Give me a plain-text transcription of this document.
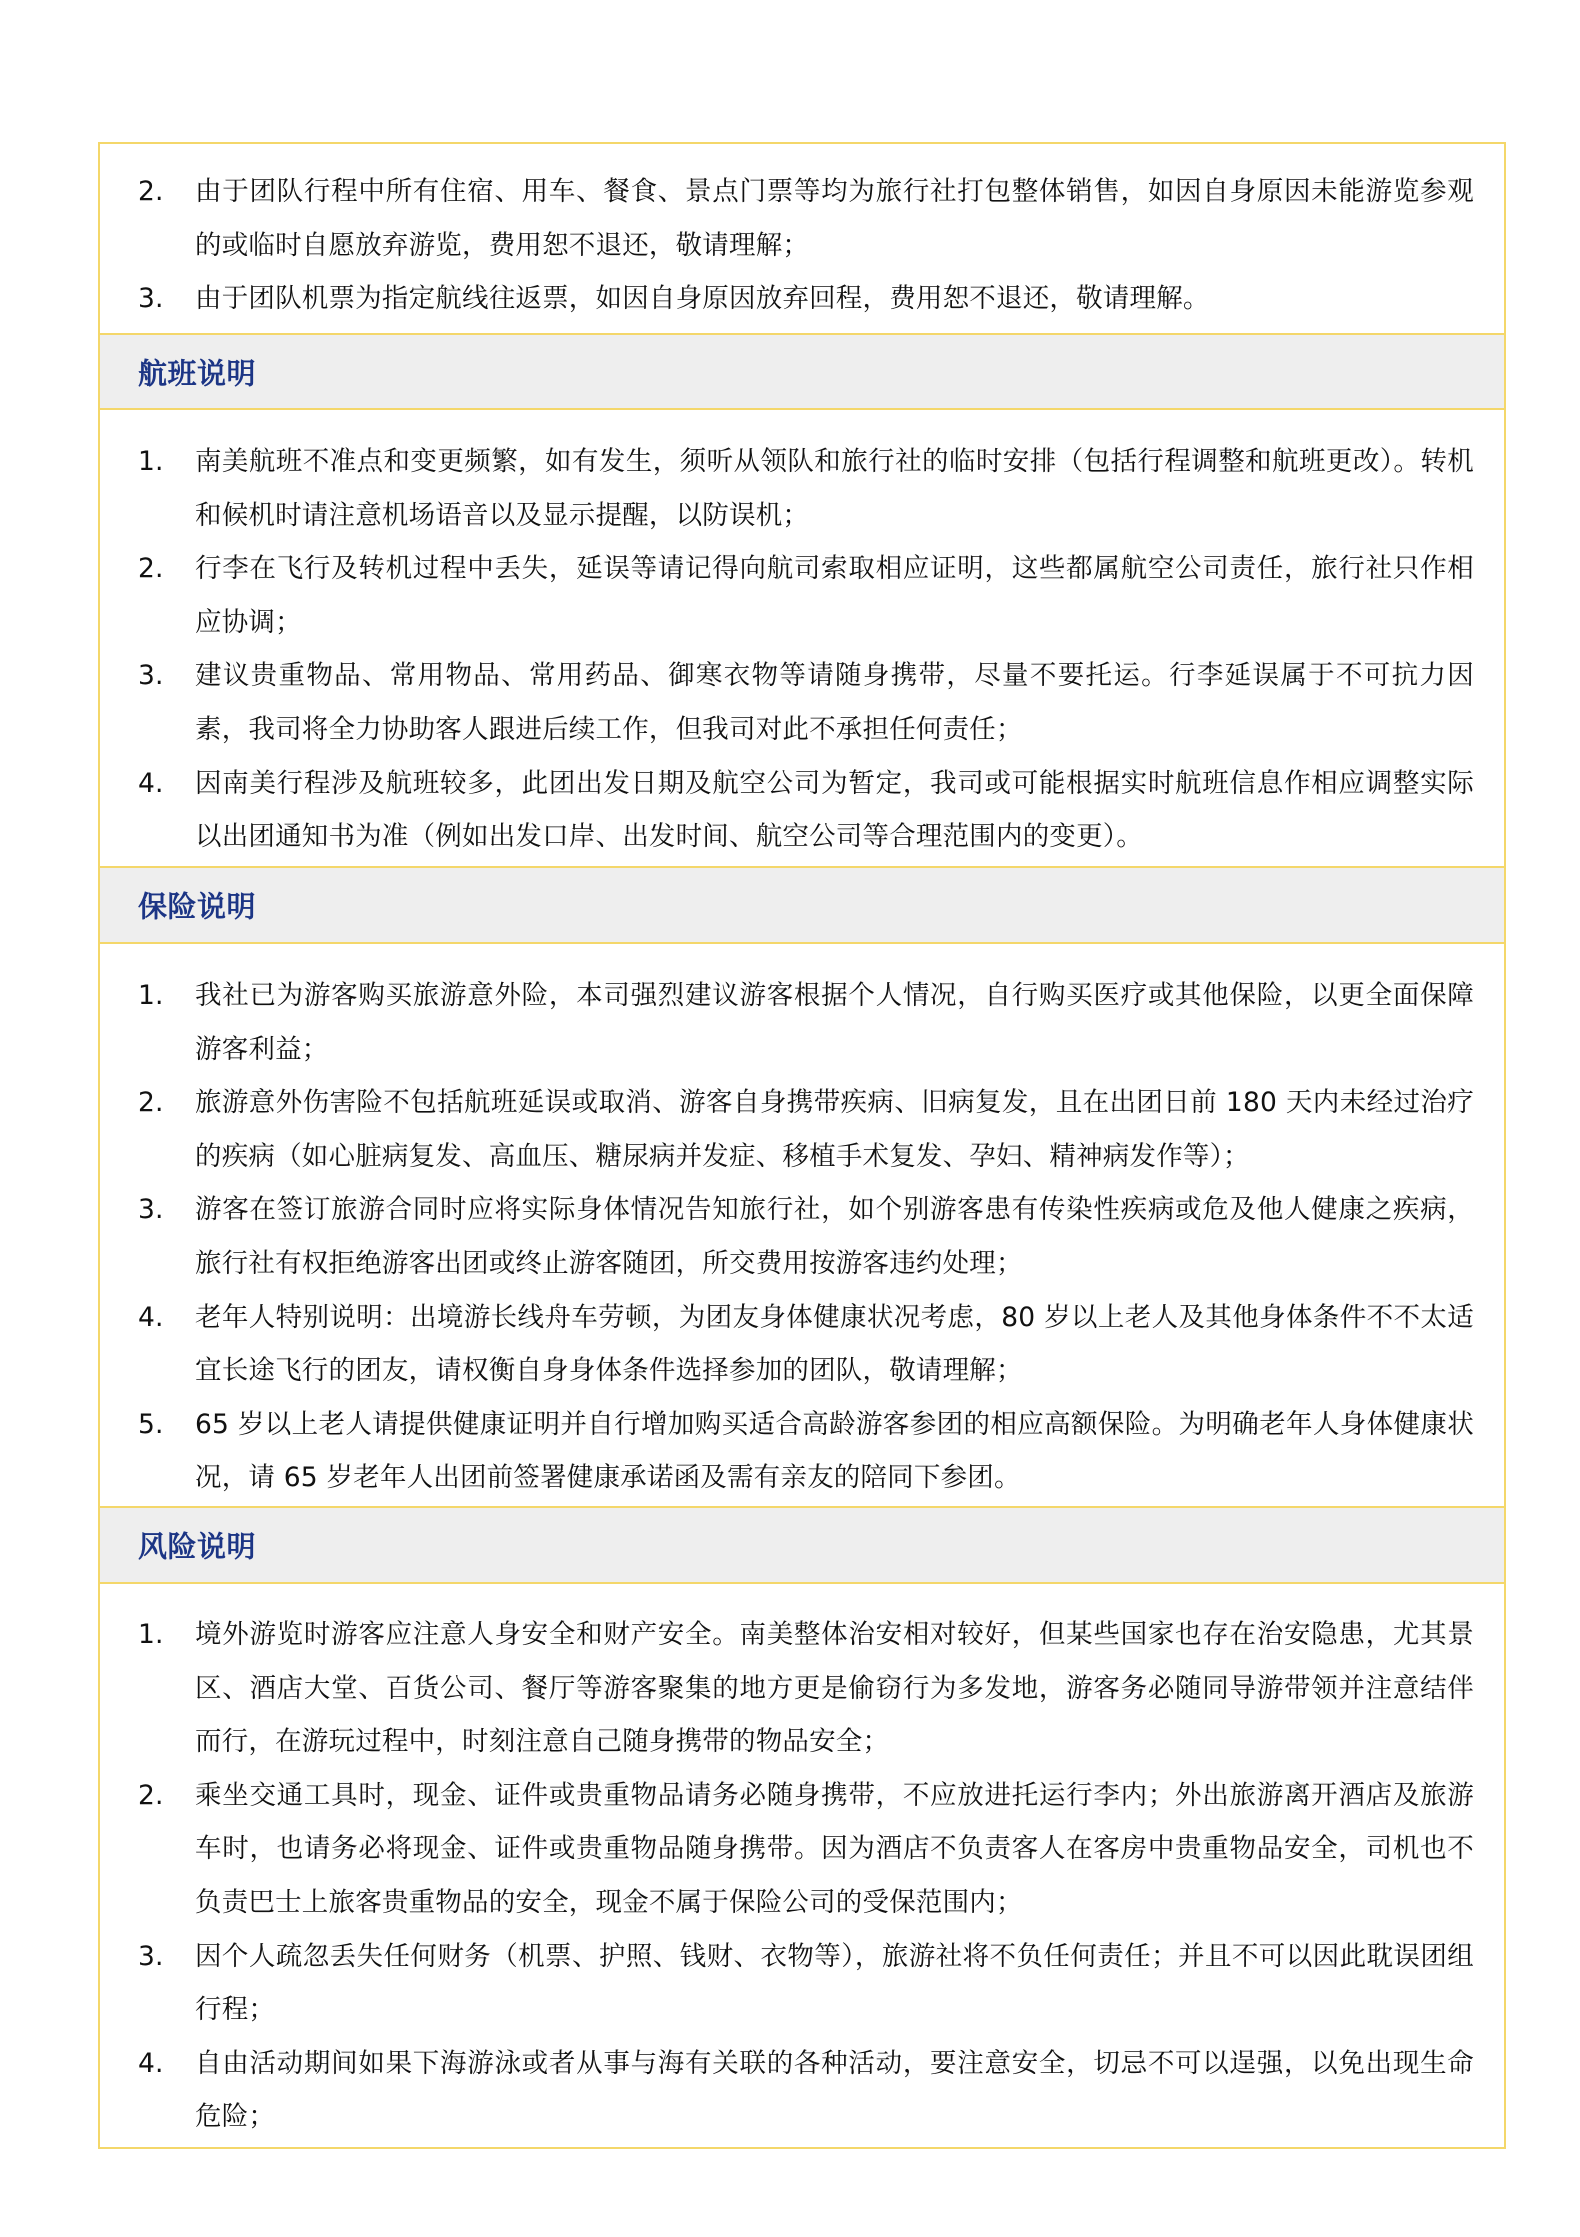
2.	由于团队行程中所有住宿、用车、餐食、景点门票等均为旅行社打包整体销售，如因自身原因未能游览参观的或临时自愿放弃游览，费用恕不退还，敬请理解；
3.	由于团队机票为指定航线往返票，如因自身原因放弃回程，费用恕不退还，敬请理解。
航班说明
1.	南美航班不准点和变更频繁，如有发生，须听从领队和旅行社的临时安排（包括行程调整和航班更改）。转机和候机时请注意机场语音以及显示提醒，以防误机；
2.	行李在飞行及转机过程中丢失，延误等请记得向航司索取相应证明，这些都属航空公司责任，旅行社只作相应协调；
3.	建议贵重物品、常用物品、常用药品、御寒衣物等请随身携带，尽量不要托运。行李延误属于不可抗力因素，我司将全力协助客人跟进后续工作，但我司对此不承担任何责任；
4.	因南美行程涉及航班较多，此团出发日期及航空公司为暂定，我司或可能根据实时航班信息作相应调整实际以出团通知书为准（例如出发口岸、出发时间、航空公司等合理范围内的变更）。
保险说明
1.	我社已为游客购买旅游意外险，本司强烈建议游客根据个人情况，自行购买医疗或其他保险，以更全面保障游客利益；
2.	旅游意外伤害险不包括航班延误或取消、游客自身携带疾病、旧病复发，且在出团日前 180 天内未经过治疗的疾病（如心脏病复发、高血压、糖尿病并发症、移植手术复发、孕妇、精神病发作等）；
3.	游客在签订旅游合同时应将实际身体情况告知旅行社，如个别游客患有传染性疾病或危及他人健康之疾病，旅行社有权拒绝游客出团或终止游客随团，所交费用按游客违约处理；
4.	老年人特别说明：出境游长线舟车劳顿，为团友身体健康状况考虑，80 岁以上老人及其他身体条件不不太适宜长途飞行的团友，请权衡自身身体条件选择参加的团队，敬请理解；
5.	65 岁以上老人请提供健康证明并自行增加购买适合高龄游客参团的相应高额保险。为明确老年人身体健康状况，请 65 岁老年人出团前签署健康承诺函及需有亲友的陪同下参团。
风险说明
1.	境外游览时游客应注意人身安全和财产安全。南美整体治安相对较好，但某些国家也存在治安隐患，尤其景区、酒店大堂、百货公司、餐厅等游客聚集的地方更是偷窃行为多发地，游客务必随同导游带领并注意结伴而行，在游玩过程中，时刻注意自己随身携带的物品安全；
2.	乘坐交通工具时，现金、证件或贵重物品请务必随身携带，不应放进托运行李内；外出旅游离开酒店及旅游车时，也请务必将现金、证件或贵重物品随身携带。因为酒店不负责客人在客房中贵重物品安全，司机也不负责巴士上旅客贵重物品的安全，现金不属于保险公司的受保范围内；
3.	因个人疏忽丢失任何财务（机票、护照、钱财、衣物等），旅游社将不负任何责任；并且不可以因此耽误团组行程；
4.	自由活动期间如果下海游泳或者从事与海有关联的各种活动，要注意安全，切忌不可以逞强，以免出现生命危险；
